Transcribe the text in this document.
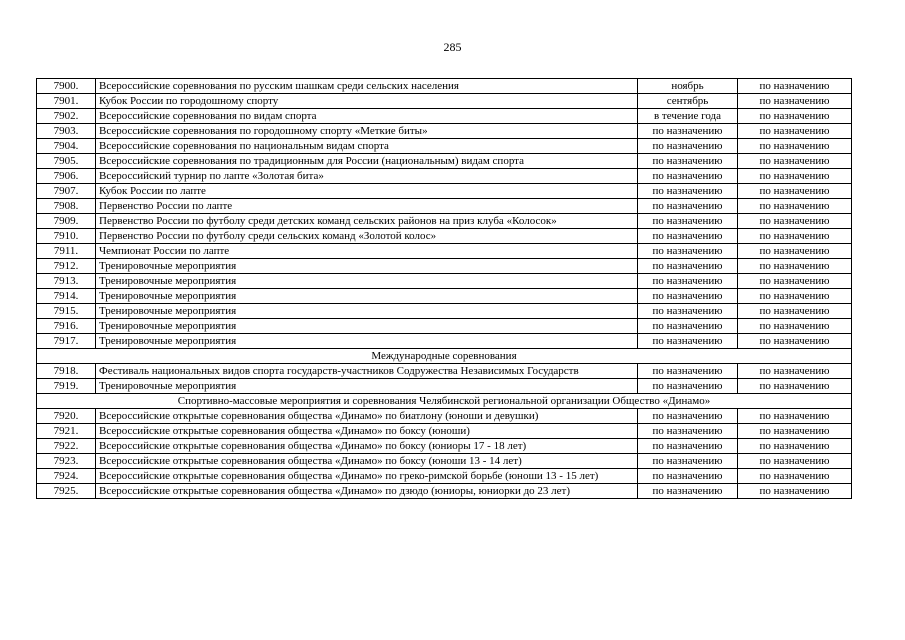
285
7900.	Всероссийские соревнования по русским шашкам среди сельских населения	ноябрь	по назначению
7901.	Кубок России по городошному спорту	сентябрь	по назначению
7902.	Всероссийские соревнования по видам спорта	в течение года	по назначению
7903.	Всероссийские соревнования по городошному спорту «Меткие биты»	по назначению	по назначению
7904.	Всероссийские соревнования по национальным видам спорта	по назначению	по назначению
7905.	Всероссийские соревнования по традиционным для России (национальным) видам спорта	по назначению	по назначению
7906.	Всероссийский турнир по лапте «Золотая бита»	по назначению	по назначению
7907.	Кубок России по лапте	по назначению	по назначению
7908.	Первенство России по лапте	по назначению	по назначению
7909.	Первенство России по футболу среди детских команд сельских районов на приз клуба «Колосок»	по назначению	по назначению
7910.	Первенство России по футболу среди сельских команд «Золотой колос»	по назначению	по назначению
7911.	Чемпионат России по лапте	по назначению	по назначению
7912.	Тренировочные мероприятия	по назначению	по назначению
7913.	Тренировочные мероприятия	по назначению	по назначению
7914.	Тренировочные мероприятия	по назначению	по назначению
7915.	Тренировочные мероприятия	по назначению	по назначению
7916.	Тренировочные мероприятия	по назначению	по назначению
7917.	Тренировочные мероприятия	по назначению	по назначению
Международные соревнования			
7918.	Фестиваль национальных видов спорта государств-участников Содружества Независимых Государств	по назначению	по назначению
7919.	Тренировочные мероприятия	по назначению	по назначению
Спортивно-массовые мероприятия и соревнования Челябинской региональной организации Общество «Динамо»			
7920.	Всероссийские открытые соревнования общества «Динамо» по биатлону (юноши и девушки)	по назначению	по назначению
7921.	Всероссийские открытые соревнования общества «Динамо» по боксу (юноши)	по назначению	по назначению
7922.	Всероссийские открытые соревнования общества «Динамо» по боксу (юниоры 17 - 18 лет)	по назначению	по назначению
7923.	Всероссийские открытые соревнования общества «Динамо» по боксу (юноши 13 - 14 лет)	по назначению	по назначению
7924.	Всероссийские открытые соревнования общества «Динамо» по греко-римской борьбе (юноши 13 - 15 лет)	по назначению	по назначению
7925.	Всероссийские открытые соревнования общества «Динамо» по дзюдо (юниоры, юниорки до 23 лет)	по назначению	по назначению
